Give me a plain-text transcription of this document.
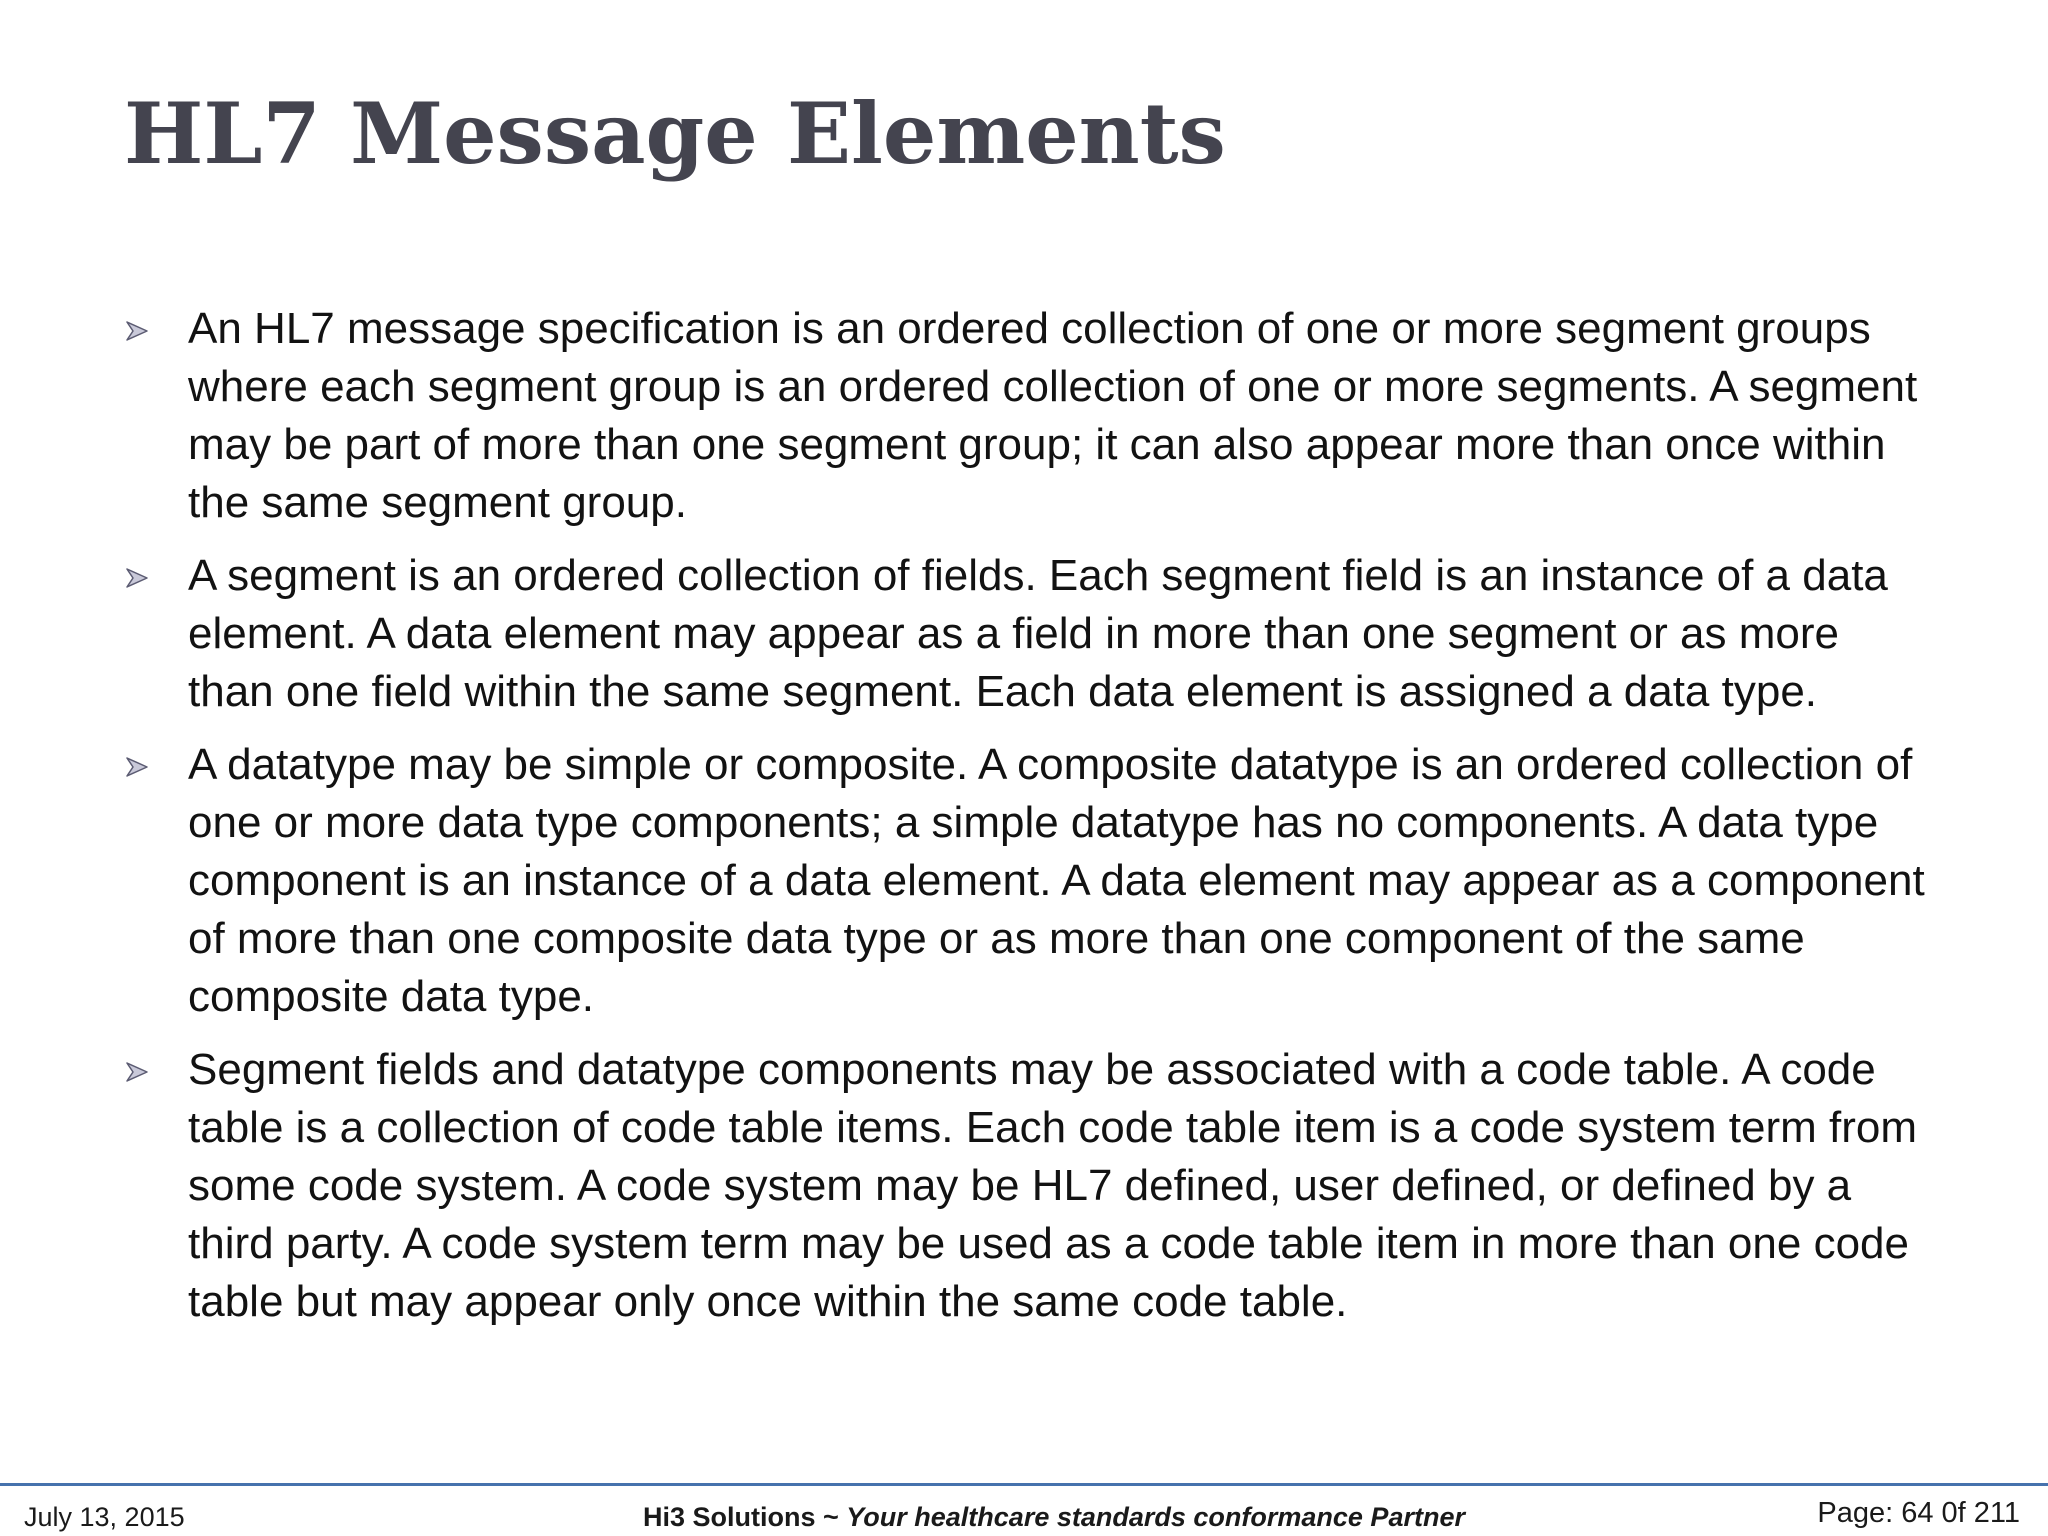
HL7 Message Elements
An HL7 message specification is an ordered collection of one or more segment groups where each segment group is an ordered collection of one or more segments. A segment may be part of more than one segment group; it can also appear more than once within the same segment group.
A segment is an ordered collection of fields. Each segment field is an instance of a data element. A data element may appear as a field in more than one segment or as more than one field within the same segment. Each data element is assigned a data type.
A datatype may be simple or composite. A composite datatype is an ordered collection of one or more data type components; a simple datatype has no components. A data type component is an instance of a data element. A data element may appear as a component of more than one composite data type or as more than one component of the same composite data type.
Segment fields and datatype components may be associated with a code table. A code table is a collection of code table items. Each code table item is a code system term from some code system. A code system may be HL7 defined, user defined, or defined by a third party. A code system term may be used as a code table item in more than one code table but may appear only once within the same code table.
July 13, 2015	Hi3 Solutions ~ Your healthcare standards conformance Partner	Page: 64 0f 211
